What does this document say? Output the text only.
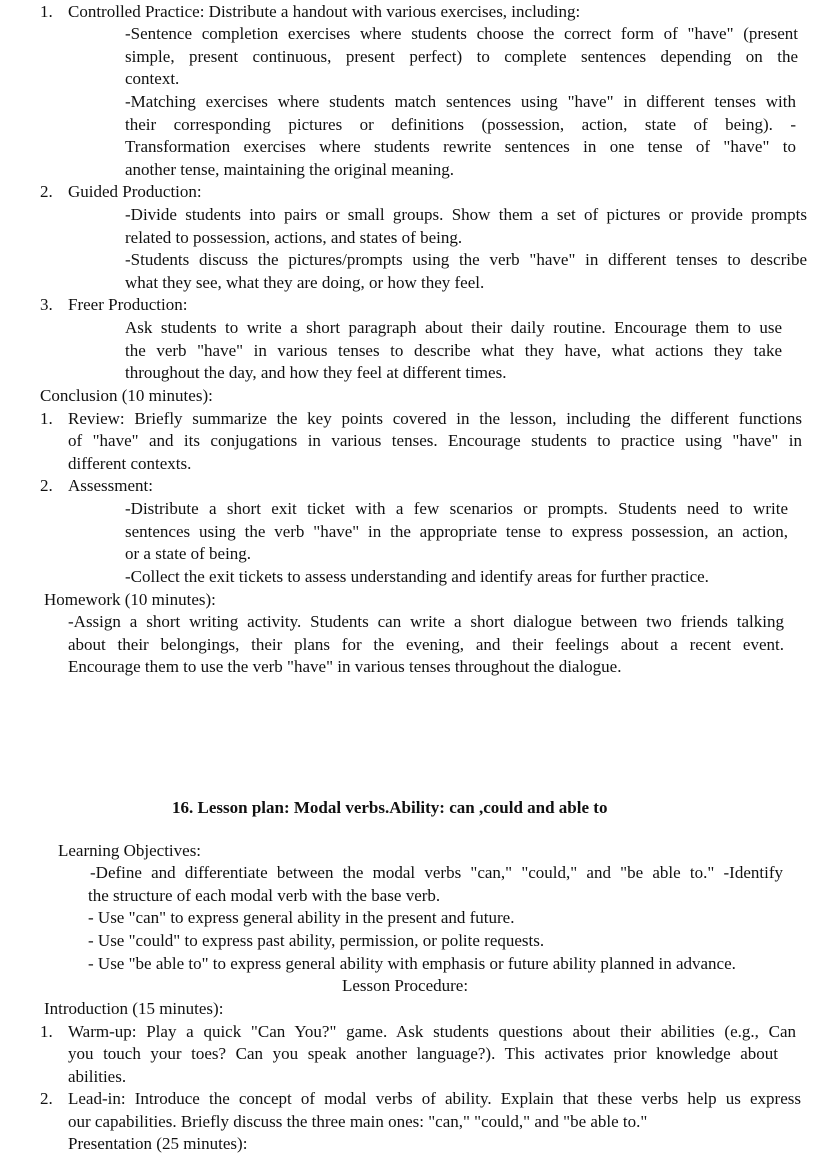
1. Controlled Practice: Distribute a handout with various exercises, including:
-Sentence completion exercises where students choose the correct form of "have" (present
simple, present continuous, present perfect) to complete sentences depending on the
context.
-Matching exercises where students match sentences using "have" in different tenses with
their corresponding pictures or definitions (possession, action, state of being). -
Transformation exercises where students rewrite sentences in one tense of "have" to
another tense, maintaining the original meaning.
2. Guided Production:
-Divide students into pairs or small groups. Show them a set of pictures or provide prompts
related to possession, actions, and states of being.
-Students discuss the pictures/prompts using the verb "have" in different tenses to describe
what they see, what they are doing, or how they feel.
3. Freer Production:
Ask students to write a short paragraph about their daily routine. Encourage them to use
the verb "have" in various tenses to describe what they have, what actions they take
throughout the day, and how they feel at different times.
Conclusion (10 minutes):
1. Review: Briefly summarize the key points covered in the lesson, including the different functions
of "have" and its conjugations in various tenses. Encourage students to practice using "have" in
different contexts.
2. Assessment:
-Distribute a short exit ticket with a few scenarios or prompts. Students need to write
sentences using the verb "have" in the appropriate tense to express possession, an action,
or a state of being.
-Collect the exit tickets to assess understanding and identify areas for further practice.
Homework (10 minutes):
-Assign a short writing activity. Students can write a short dialogue between two friends talking
about their belongings, their plans for the evening, and their feelings about a recent event.
Encourage them to use the verb "have" in various tenses throughout the dialogue.
16. Lesson plan: Modal verbs.Ability: can ,could and able to
Learning Objectives:
-Define and differentiate between the modal verbs "can," "could," and "be able to." -Identify
the structure of each modal verb with the base verb.
- Use "can" to express general ability in the present and future.
- Use "could" to express past ability, permission, or polite requests.
- Use "be able to" to express general ability with emphasis or future ability planned in advance.
Lesson Procedure:
Introduction (15 minutes):
1. Warm-up: Play a quick "Can You?" game. Ask students questions about their abilities (e.g., Can
you touch your toes? Can you speak another language?). This activates prior knowledge about
abilities.
2. Lead-in: Introduce the concept of modal verbs of ability. Explain that these verbs help us express
our capabilities. Briefly discuss the three main ones: "can," "could," and "be able to."
Presentation (25 minutes):
